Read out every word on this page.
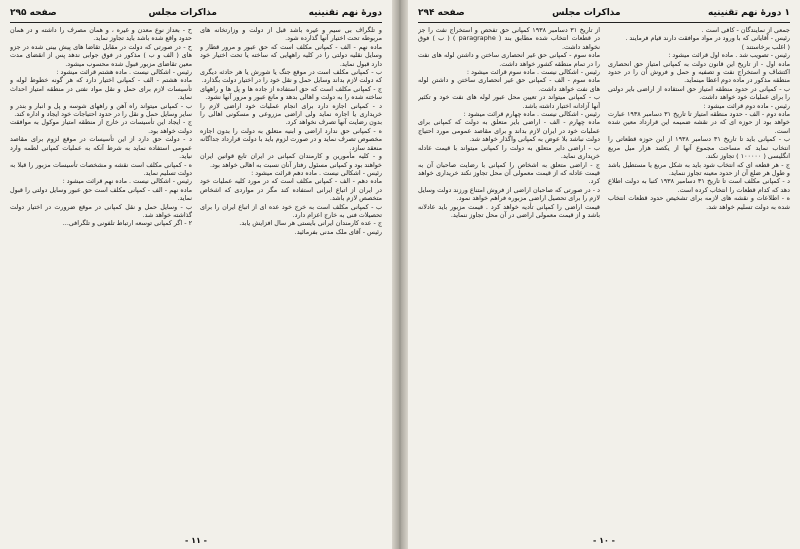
دورهٔ نهم تقنینیه
مذاکرات مجلس
صفحه ۲۹۵

و تلگراف بی سیم و غیره باشد قبل از دولت و وزارتخانه های مربوطه تحت اختیار آنها گذارده شود.

ماده نهم - الف - کمپانی مکلف است که حق عبور و مرور قطار و وسایل نقلیه دولتی را در کلیه راههایی که ساخته یا تحت اختیار خود دارد قبول نماید.

ب - کمپانی مکلف است در موقع جنگ یا شورش یا هر حادثه دیگری که دولت لازم بداند وسایل حمل و نقل خود را در اختیار دولت بگذارد.

ج - کمپانی مکلف است که حق استفاده از جاده ها و پل ها و راههای ساخته شده را به دولت و اهالی بدهد و مانع عبور و مرور آنها نشود.

د - کمپانی اجازه دارد برای انجام عملیات خود اراضی لازم را خریداری یا اجاره نماید ولی اراضی مزروعی و مسکونی اهالی را بدون رضایت آنها تصرف نخواهد کرد.

ه - کمپانی حق ندارد اراضی و ابنیه متعلق به دولت را بدون اجازه مخصوص تصرف نماید و در صورت لزوم باید با دولت قرارداد جداگانه منعقد سازد.

و - کلیه مأمورین و کارمندان کمپانی در ایران تابع قوانین ایران خواهند بود و کمپانی مسئول رفتار آنان نسبت به اهالی خواهد بود.

رئیس - اشکالی نیست . ماده دهم قرائت میشود :

ماده دهم - الف - کمپانی مکلف است که در مورد کلیه عملیات خود در ایران از اتباع ایرانی استفاده کند مگر در مواردی که اشخاص متخصص لازم باشد.

ب - کمپانی مکلف است به خرج خود عده ای از اتباع ایران را برای تحصیلات فنی به خارج اعزام دارد.

ج - عده کارمندان ایرانی بایستی هر سال افزایش یابد.

رئیس - آقای ملک مدنی بفرمائید.

ح - بعداز نوع معدن و غیره ، و همان مصرف را داشته و در همان حدود واقع شده باشد باید تجاوز نماید.

ح - در صورتی که دولت در مقابل تقاضا های پیش بینی شده در جزو های ( الف و ب ) مذکور در فوق جوابی ندهد پس از انقضای مدت معین تقاضای مزبور قبول شده محسوب میشود.

رئیس - اشکالی نیست . ماده هشتم قرائت میشود :

ماده هشتم - الف - کمپانی اختیار دارد که هر گونه خطوط لوله و تأسیسات لازم برای حمل و نقل مواد نفتی در منطقه امتیاز احداث نماید.

ب - کمپانی میتواند راه آهن و راههای شوسه و پل و انبار و بندر و سایر وسایل حمل و نقل را در حدود احتیاجات خود ایجاد و اداره کند.

ج - ایجاد این تأسیسات در خارج از منطقه امتیاز موکول به موافقت دولت خواهد بود.

د - دولت حق دارد از این تأسیسات در موقع لزوم برای مقاصد عمومی استفاده نماید به شرط آنکه به عملیات کمپانی لطمه وارد نیاید.

ه - کمپانی مکلف است نقشه و مشخصات تأسیسات مزبور را قبلا به دولت تسلیم نماید.

رئیس - اشکالی نیست . ماده نهم قرائت میشود :

ماده نهم - الف - کمپانی مکلف است حق عبور وسایل دولتی را قبول نماید.

ب - وسایل حمل و نقل کمپانی در موقع ضرورت در اختیار دولت گذاشته خواهد شد.

۲ - اگر کمپانی توسعه ارتباط تلفونی و تلگرافی...

- ۱۱ -
۱ دورهٔ نهم تقنینیه
مذاکرات مجلس
صفحه ۲۹۴

جمعی از نمایندگان - کافی است .

رئیس - آقایانی که با ورود در مواد موافقت دارند قیام فرمایند .

( اغلب برخاستند )

رئیس - تصویب شد . ماده اول قرائت میشود :

ماده اول - از تاریخ این قانون دولت به کمپانی امتیاز حق انحصاری اکتشاف و استخراج نفت و تصفیه و حمل و فروش آن را در حدود منطقه مذکور در ماده دوم اعطا مینماید.

ب - کمپانی در حدود منطقه امتیاز حق استفاده از اراضی بایر دولتی را برای عملیات خود خواهد داشت.

رئیس - ماده دوم قرائت میشود :

ماده دوم - الف - حدود منطقه امتیاز تا تاریخ ۳۱ دسامبر ۱۹۳۸ عبارت خواهد بود از حوزه ای که در نقشه ضمیمه این قرارداد معین شده است.

ب - کمپانی باید تا تاریخ ۳۱ دسامبر ۱۹۳۸ از این حوزه قطعاتی را انتخاب نماید که مساحت مجموع آنها از یکصد هزار میل مربع انگلیسی ( ۱۰۰۰۰۰ ) تجاوز نکند.

ج - هر قطعه ای که انتخاب شود باید به شکل مربع یا مستطیل باشد و طول هر ضلع آن از حدود معینه تجاوز ننماید.

د - کمپانی مکلف است تا تاریخ ۳۱ دسامبر ۱۹۳۸ کتبا به دولت اطلاع دهد که کدام قطعات را انتخاب کرده است.

ه - اطلاعات و نقشه های لازمه برای تشخیص حدود قطعات انتخاب شده به دولت تسلیم خواهد شد.

از تاریخ ۳۱ دسامبر ۱۹۳۸ کمپانی حق تفحص و استخراج نفت را جز در قطعات انتخاب شده مطابق بند ( paragraphe ) ( ب ) فوق نخواهد داشت.

ماده سوم - کمپانی حق غیر انحصاری ساختن و داشتن لوله های نفت را در تمام منطقه کشور خواهد داشت.

رئیس - اشکالی نیست . ماده سوم قرائت میشود :

ماده سوم - الف - کمپانی حق غیر انحصاری ساختن و داشتن لوله های نفت خواهد داشت.

ب - کمپانی میتواند در تعیین محل عبور لوله های نفت خود و تکثیر آنها آزادانه اختیار داشته باشد.

رئیس - اشکالی نیست . ماده چهارم قرائت میشود :

ماده چهارم - الف - اراضی بایر متعلق به دولت که کمپانی برای عملیات خود در ایران لازم بداند و برای مقاصد عمومی مورد احتیاج دولت نباشد بلا عوض به کمپانی واگذار خواهد شد.

ب - اراضی دایر متعلق به دولت را کمپانی میتواند با قیمت عادله خریداری نماید.

ج - اراضی متعلق به اشخاص را کمپانی با رضایت صاحبان آن به قیمت عادله که از قیمت معمولی آن محل تجاوز نکند خریداری خواهد کرد.

د - در صورتی که صاحبان اراضی از فروش امتناع ورزند دولت وسایل لازم را برای تحصیل اراضی مزبوره فراهم خواهد نمود.

قیمت اراضی را کمپانی تأدیه خواهد کرد . قیمت مزبور باید عادلانه باشد و از قیمت معمولی اراضی در آن محل تجاوز ننماید.

- ۱۰ -
